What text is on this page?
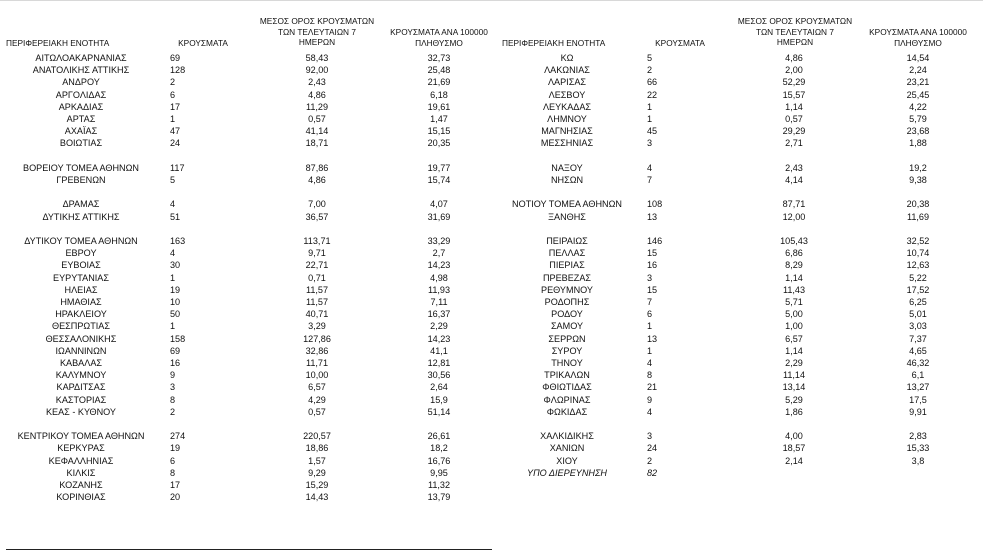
ΠΕΡΙΦΕΡΕΙΑΚΗ ΕΝΟΤΗΤΑ	ΚΡΟΥΣΜΑΤΑ
ΜΕΣΟΣ ΟΡΟΣ ΚΡΟΥΣΜΑΤΩΝ
ΤΩΝ ΤΕΛΕΥΤΑΙΩΝ 7
ΗΜΕΡΩΝ
ΚΡΟΥΣΜΑΤΑ ΑΝΑ 100000
ΠΛΗΘΥΣΜΟ
ΑΙΤΩΛΟΑΚΑΡΝΑΝΙΑΣ	69	58,43	32,73
ΑΝΑΤΟΛΙΚΗΣ ΑΤΤΙΚΗΣ	128	92,00	25,48
ΑΝΔΡΟΥ	2	2,43	21,69
ΑΡΓΟΛΙΔΑΣ	6	4,86	6,18
ΑΡΚΑΔΙΑΣ	17	11,29	19,61
ΑΡΤΑΣ	1	0,57	1,47
ΑΧΑΪΑΣ	47	41,14	15,15
ΒΟΙΩΤΙΑΣ	24	18,71	20,35
ΒΟΡΕΙΟΥ ΤΟΜΕΑ ΑΘΗΝΩΝ	117	87,86	19,77
ΓΡΕΒΕΝΩΝ	5	4,86	15,74
ΔΡΑΜΑΣ	4	7,00	4,07
ΔΥΤΙΚΗΣ ΑΤΤΙΚΗΣ	51	36,57	31,69
ΔΥΤΙΚΟΥ ΤΟΜΕΑ ΑΘΗΝΩΝ	163	113,71	33,29
ΕΒΡΟΥ	4	9,71	2,7
ΕΥΒΟΙΑΣ	30	22,71	14,23
ΕΥΡΥΤΑΝΙΑΣ	1	0,71	4,98
ΗΛΕΙΑΣ	19	11,57	11,93
ΗΜΑΘΙΑΣ	10	11,57	7,11
ΗΡΑΚΛΕΙΟΥ	50	40,71	16,37
ΘΕΣΠΡΩΤΙΑΣ	1	3,29	2,29
ΘΕΣΣΑΛΟΝΙΚΗΣ	158	127,86	14,23
ΙΩΑΝΝΙΝΩΝ	69	32,86	41,1
ΚΑΒΑΛΑΣ	16	11,71	12,81
ΚΑΛΥΜΝΟΥ	9	10,00	30,56
ΚΑΡΔΙΤΣΑΣ	3	6,57	2,64
ΚΑΣΤΟΡΙΑΣ	8	4,29	15,9
ΚΕΑΣ - ΚΥΘΝΟΥ	2	0,57	51,14
ΚΕΝΤΡΙΚΟΥ ΤΟΜΕΑ ΑΘΗΝΩΝ	274	220,57	26,61
ΚΕΡΚΥΡΑΣ	19	18,86	18,2
ΚΕΦΑΛΛΗΝΙΑΣ	6	1,57	16,76
ΚΙΛΚΙΣ	8	9,29	9,95
ΚΟΖΑΝΗΣ	17	15,29	11,32
ΚΟΡΙΝΘΙΑΣ	20	14,43	13,79
ΠΕΡΙΦΕΡΕΙΑΚΗ ΕΝΟΤΗΤΑ	ΚΡΟΥΣΜΑΤΑ
ΜΕΣΟΣ ΟΡΟΣ ΚΡΟΥΣΜΑΤΩΝ
ΤΩΝ ΤΕΛΕΥΤΑΙΩΝ 7
ΗΜΕΡΩΝ
ΚΡΟΥΣΜΑΤΑ ΑΝΑ 100000
ΠΛΗΘΥΣΜΟ
ΚΩ	5	4,86	14,54
ΛΑΚΩΝΙΑΣ	2	2,00	2,24
ΛΑΡΙΣΑΣ	66	52,29	23,21
ΛΕΣΒΟΥ	22	15,57	25,45
ΛΕΥΚΑΔΑΣ	1	1,14	4,22
ΛΗΜΝΟΥ	1	0,57	5,79
ΜΑΓΝΗΣΙΑΣ	45	29,29	23,68
ΜΕΣΣΗΝΙΑΣ	3	2,71	1,88
ΝΑΞΟΥ	4	2,43	19,2
ΝΗΣΩΝ	7	4,14	9,38
ΝΟΤΙΟΥ ΤΟΜΕΑ ΑΘΗΝΩΝ	108	87,71	20,38
ΞΑΝΘΗΣ	13	12,00	11,69
ΠΕΙΡΑΙΩΣ	146	105,43	32,52
ΠΕΛΛΑΣ	15	6,86	10,74
ΠΙΕΡΙΑΣ	16	8,29	12,63
ΠΡΕΒΕΖΑΣ	3	1,14	5,22
ΡΕΘΥΜΝΟΥ	15	11,43	17,52
ΡΟΔΟΠΗΣ	7	5,71	6,25
ΡΟΔΟΥ	6	5,00	5,01
ΣΑΜΟΥ	1	1,00	3,03
ΣΕΡΡΩΝ	13	6,57	7,37
ΣΥΡΟΥ	1	1,14	4,65
ΤΗΝΟΥ	4	2,29	46,32
ΤΡΙΚΑΛΩΝ	8	11,14	6,1
ΦΘΙΩΤΙΔΑΣ	21	13,14	13,27
ΦΛΩΡΙΝΑΣ	9	5,29	17,5
ΦΩΚΙΔΑΣ	4	1,86	9,91
ΧΑΛΚΙΔΙΚΗΣ	3	4,00	2,83
ΧΑΝΙΩΝ	24	18,57	15,33
ΧΙΟΥ	2	2,14	3,8
ΥΠΟ ΔΙΕΡΕΥΝΗΣΗ	82
